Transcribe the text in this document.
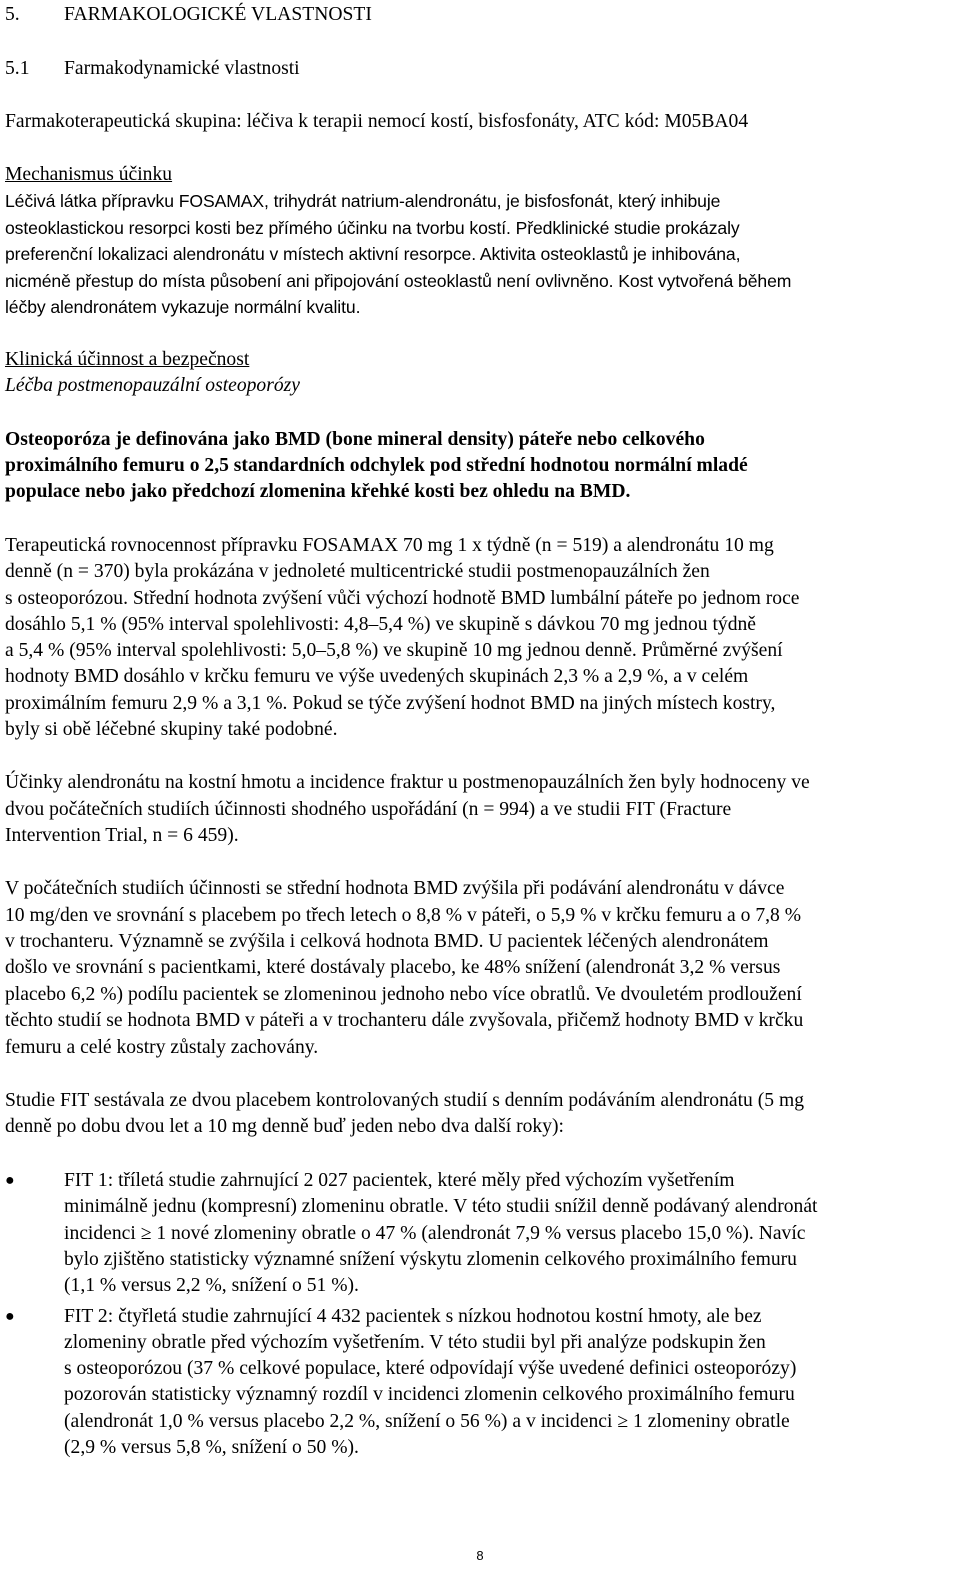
5. FARMAKOLOGICKÉ VLASTNOSTI
5.1 Farmakodynamické vlastnosti
Farmakoterapeutická skupina: léčiva k terapii nemocí kostí, bisfosfonáty, ATC kód: M05BA04
Mechanismus účinku
Léčivá látka přípravku FOSAMAX, trihydrát natrium-alendronátu, je bisfosfonát, který inhibuje
osteoklastickou resorpci kosti bez přímého účinku na tvorbu kostí. Předklinické studie prokázaly
preferenční lokalizaci alendronátu v místech aktivní resorpce. Aktivita osteoklastů je inhibována,
nicméně přestup do místa působení ani připojování osteoklastů není ovlivněno. Kost vytvořená během
léčby alendronátem vykazuje normální kvalitu.
Klinická účinnost a bezpečnost
Léčba postmenopauzální osteoporózy
Osteoporóza je definována jako BMD (bone mineral density) páteře nebo celkového
proximálního femuru o 2,5 standardních odchylek pod střední hodnotou normální mladé
populace nebo jako předchozí zlomenina křehké kosti bez ohledu na BMD.
Terapeutická rovnocennost přípravku FOSAMAX 70 mg 1 x týdně (n = 519) a alendronátu 10 mg
denně (n = 370) byla prokázána v jednoleté multicentrické studii postmenopauzálních žen
s osteoporózou. Střední hodnota zvýšení vůči výchozí hodnotě BMD lumbální páteře po jednom roce
dosáhlo 5,1 % (95% interval spolehlivosti: 4,8–5,4 %) ve skupině s dávkou 70 mg jednou týdně
a 5,4 % (95% interval spolehlivosti: 5,0–5,8 %) ve skupině 10 mg jednou denně. Průměrné zvýšení
hodnoty BMD dosáhlo v krčku femuru ve výše uvedených skupinách 2,3 % a 2,9 %, a v celém
proximálním femuru 2,9 % a 3,1 %. Pokud se týče zvýšení hodnot BMD na jiných místech kostry,
byly si obě léčebné skupiny také podobné.
Účinky alendronátu na kostní hmotu a incidence fraktur u postmenopauzálních žen byly hodnoceny ve
dvou počátečních studiích účinnosti shodného uspořádání (n = 994) a ve studii FIT (Fracture
Intervention Trial, n = 6 459).
V počátečních studiích účinnosti se střední hodnota BMD zvýšila při podávání alendronátu v dávce
10 mg/den ve srovnání s placebem po třech letech o 8,8 % v páteři, o 5,9 % v krčku femuru a o 7,8 %
v trochanteru. Významně se zvýšila i celková hodnota BMD. U pacientek léčených alendronátem
došlo ve srovnání s pacientkami, které dostávaly placebo, ke 48% snížení (alendronát 3,2 % versus
placebo 6,2 %) podílu pacientek se zlomeninou jednoho nebo více obratlů. Ve dvouletém prodloužení
těchto studií se hodnota BMD v páteři a v trochanteru dále zvyšovala, přičemž hodnoty BMD v krčku
femuru a celé kostry zůstaly zachovány.
Studie FIT sestávala ze dvou placebem kontrolovaných studií s denním podáváním alendronátu (5 mg
denně po dobu dvou let a 10 mg denně buď jeden nebo dva další roky):
●	FIT 1: tříletá studie zahrnující 2 027 pacientek, které měly před výchozím vyšetřením
minimálně jednu (kompresní) zlomeninu obratle. V této studii snížil denně podávaný alendronát
incidenci ≥ 1 nové zlomeniny obratle o 47 % (alendronát 7,9 % versus placebo 15,0 %). Navíc
bylo zjištěno statisticky významné snížení výskytu zlomenin celkového proximálního femuru
(1,1 % versus 2,2 %, snížení o 51 %).
●	FIT 2: čtyřletá studie zahrnující 4 432 pacientek s nízkou hodnotou kostní hmoty, ale bez
zlomeniny obratle před výchozím vyšetřením. V této studii byl při analýze podskupin žen
s osteoporózou (37 % celkové populace, které odpovídají výše uvedené definici osteoporózy)
pozorován statisticky významný rozdíl v incidenci zlomenin celkového proximálního femuru
(alendronát 1,0 % versus placebo 2,2 %, snížení o 56 %) a v incidenci ≥ 1 zlomeniny obratle
(2,9 % versus 5,8 %, snížení o 50 %).
8
